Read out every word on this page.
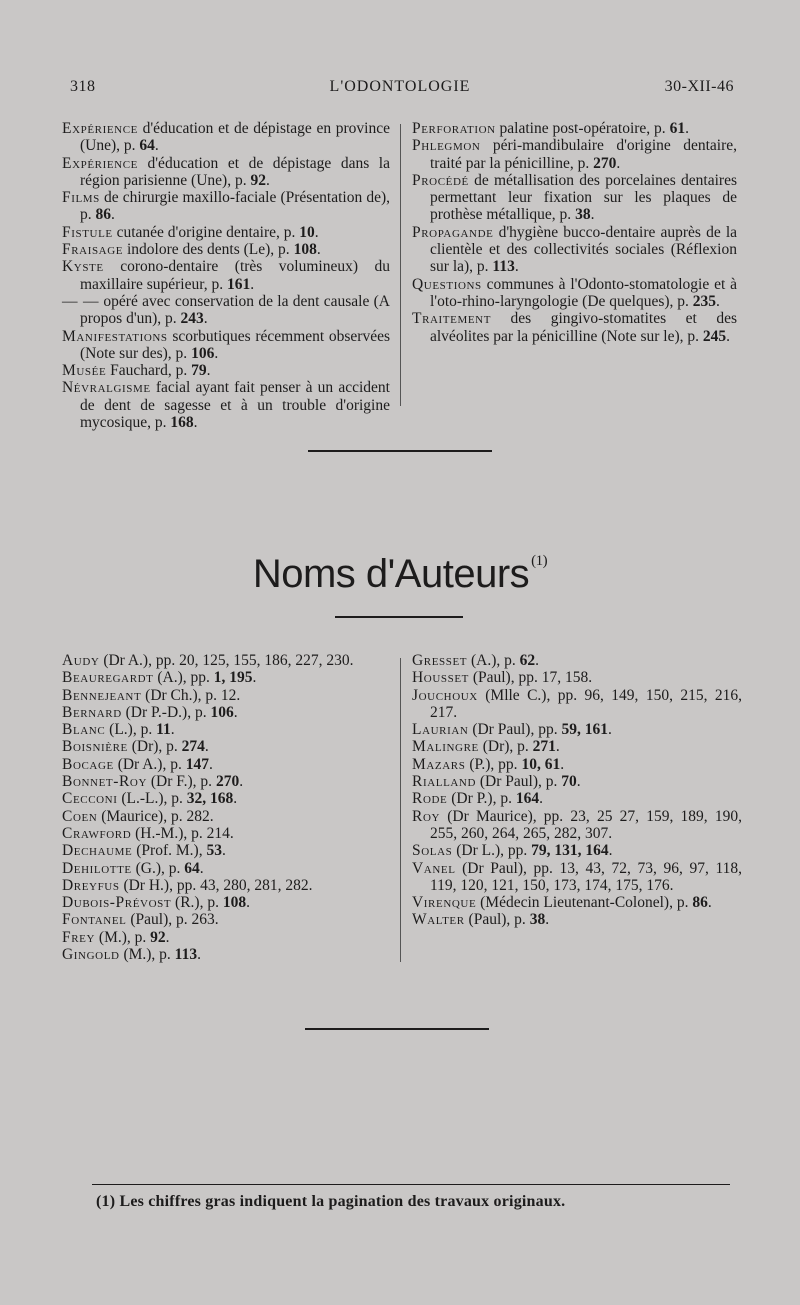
318	L'ODONTOLOGIE	30-XII-46

Expérience d'éducation et de dépistage en province (Une), p. 64.

Expérience d'éducation et de dépistage dans la région parisienne (Une), p. 92.

Films de chirurgie maxillo-faciale (Présentation de), p. 86.

Fistule cutanée d'origine dentaire, p. 10.

Fraisage indolore des dents (Le), p. 108.

Kyste corono-dentaire (très volumineux) du maxillaire supérieur, p. 161.

— — opéré avec conservation de la dent causale (A propos d'un), p. 243.

Manifestations scorbutiques récemment observées (Note sur des), p. 106.

Musée Fauchard, p. 79.

Névralgisme facial ayant fait penser à un accident de dent de sagesse et à un trouble d'origine mycosique, p. 168.

Perforation palatine post-opératoire, p. 61.

Phlegmon péri-mandibulaire d'origine dentaire, traité par la pénicilline, p. 270.

Procédé de métallisation des porcelaines dentaires permettant leur fixation sur les plaques de prothèse métallique, p. 38.

Propagande d'hygiène bucco-dentaire auprès de la clientèle et des collectivités sociales (Réflexion sur la), p. 113.

Questions communes à l'Odonto-stomatologie et à l'oto-rhino-laryngologie (De quelques), p. 235.

Traitement des gingivo-stomatites et des alvéolites par la pénicilline (Note sur le), p. 245.

Noms d'Auteurs $^{(1)}$

Audy (Dr A.), pp. 20, 125, 155, 186, 227, 230.

Beauregardt (A.), pp. 1, 195.

Bennejeant (Dr Ch.), p. 12.

Bernard (Dr P.-D.), p. 106.

Blanc (L.), p. 11.

Boisnière (Dr), p. 274.

Bocage (Dr A.), p. 147.

Bonnet-Roy (Dr F.), p. 270.

Cecconi (L.-L.), p. 32, 168.

Coen (Maurice), p. 282.

Crawford (H.-M.), p. 214.

Dechaume (Prof. M.), 53.

Dehilotte (G.), p. 64.

Dreyfus (Dr H.), pp. 43, 280, 281, 282.

Dubois-Prévost (R.), p. 108.

Fontanel (Paul), p. 263.

Frey (M.), p. 92.

Gingold (M.), p. 113.

Gresset (A.), p. 62.

Housset (Paul), pp. 17, 158.

Jouchoux (Mlle C.), pp. 96, 149, 150, 215, 216, 217.

Laurian (Dr Paul), pp. 59, 161.

Malingre (Dr), p. 271.

Mazars (P.), pp. 10, 61.

Rialland (Dr Paul), p. 70.

Rode (Dr P.), p. 164.

Roy (Dr Maurice), pp. 23, 25 27, 159, 189, 190, 255, 260, 264, 265, 282, 307.

Solas (Dr L.), pp. 79, 131, 164.

Vanel (Dr Paul), pp. 13, 43, 72, 73, 96, 97, 118, 119, 120, 121, 150, 173, 174, 175, 176.

Virenque (Médecin Lieutenant-Colonel), p. 86.

Walter (Paul), p. 38.

(1) Les chiffres gras indiquent la pagination des travaux originaux.
